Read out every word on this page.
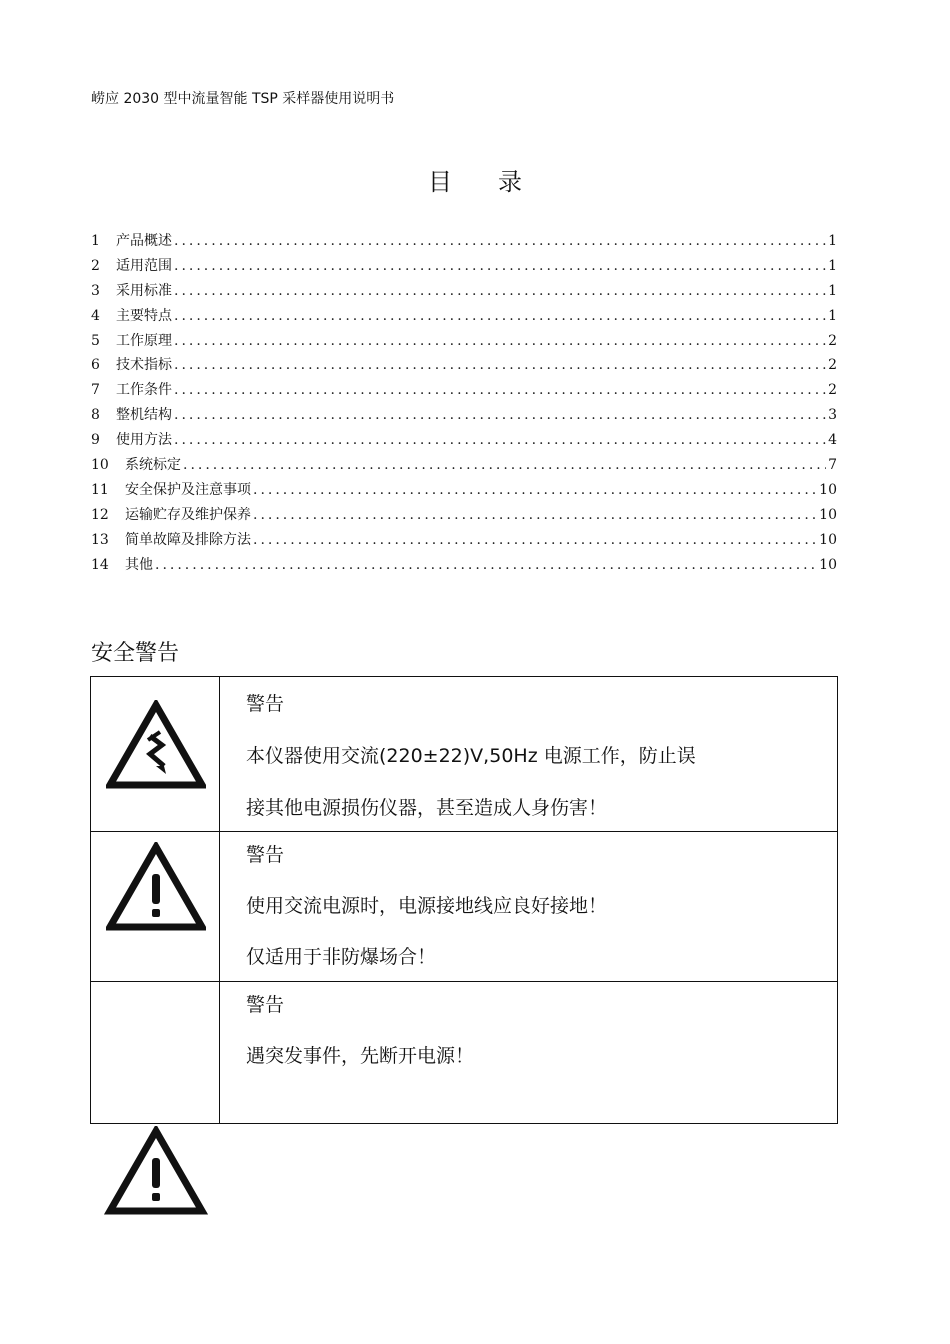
崂应 2030 型中流量智能 TSP 采样器使用说明书
目录
1	产品概述 .....	1
2	适用范围 .....	1
3	采用标准 .....	1
4	主要特点 .....	1
5	工作原理 .....	2
6	技术指标 .....	2
7	工作条件 .....	2
8	整机结构 .....	3
9	使用方法 .....	4
10	系统标定 .....	7
11	安全保护及注意事项 .....	10
12	运输贮存及维护保养 .....	10
13	简单故障及排除方法 .....	10
14	其他 .....	10
安全警告

警告
本仪器使用交流(220±22)V,50Hz 电源工作，防止误
接其他电源损伤仪器，甚至造成人身伤害！

警告
使用交流电源时，电源接地线应良好接地！
仅适用于非防爆场合！

	警告
遇突发事件，先断开电源！
